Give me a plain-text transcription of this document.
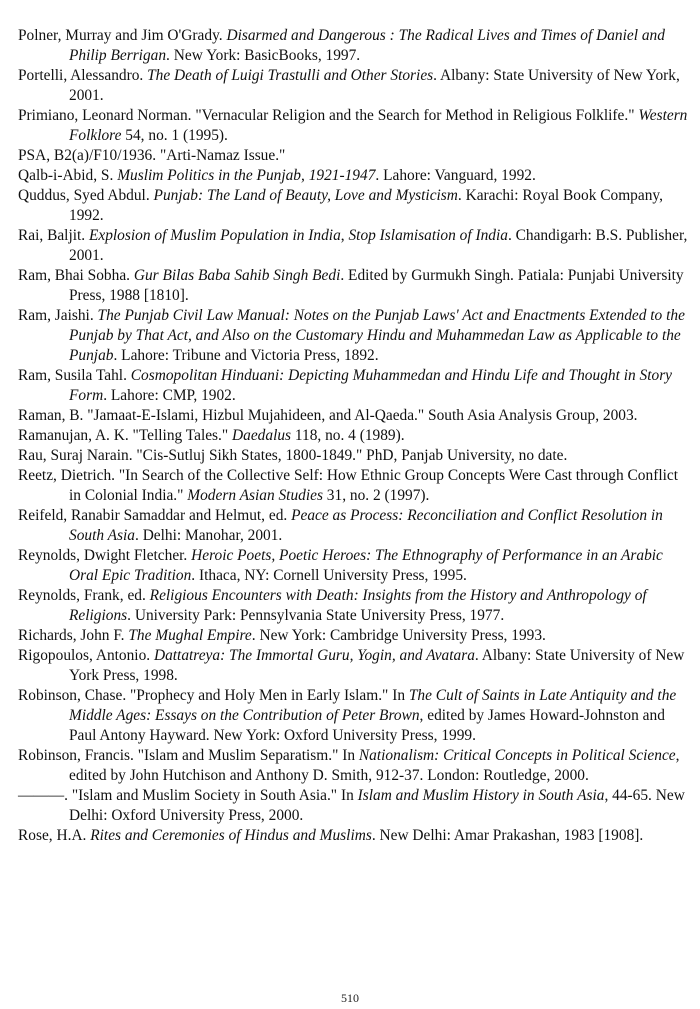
Polner, Murray and Jim O'Grady. Disarmed and Dangerous : The Radical Lives and Times of Daniel and Philip Berrigan. New York: BasicBooks, 1997.

Portelli, Alessandro. The Death of Luigi Trastulli and Other Stories. Albany: State University of New York, 2001.

Primiano, Leonard Norman. "Vernacular Religion and the Search for Method in Religious Folklife." Western Folklore 54, no. 1 (1995).

PSA, B2(a)/F10/1936. "Arti-Namaz Issue."

Qalb-i-Abid, S. Muslim Politics in the Punjab, 1921-1947. Lahore: Vanguard, 1992.

Quddus, Syed Abdul. Punjab: The Land of Beauty, Love and Mysticism. Karachi: Royal Book Company, 1992.

Rai, Baljit. Explosion of Muslim Population in India, Stop Islamisation of India. Chandigarh: B.S. Publisher, 2001.

Ram, Bhai Sobha. Gur Bilas Baba Sahib Singh Bedi. Edited by Gurmukh Singh. Patiala: Punjabi University Press, 1988 [1810].

Ram, Jaishi. The Punjab Civil Law Manual: Notes on the Punjab Laws' Act and Enactments Extended to the Punjab by That Act, and Also on the Customary Hindu and Muhammedan Law as Applicable to the Punjab. Lahore: Tribune and Victoria Press, 1892.

Ram, Susila Tahl. Cosmopolitan Hinduani: Depicting Muhammedan and Hindu Life and Thought in Story Form. Lahore: CMP, 1902.

Raman, B. "Jamaat-E-Islami, Hizbul Mujahideen, and Al-Qaeda." South Asia Analysis Group, 2003.

Ramanujan, A. K. "Telling Tales." Daedalus 118, no. 4 (1989).

Rau, Suraj Narain. "Cis-Sutluj Sikh States, 1800-1849." PhD, Panjab University, no date.

Reetz, Dietrich. "In Search of the Collective Self: How Ethnic Group Concepts Were Cast through Conflict in Colonial India." Modern Asian Studies 31, no. 2 (1997).

Reifeld, Ranabir Samaddar and Helmut, ed. Peace as Process: Reconciliation and Conflict Resolution in South Asia. Delhi: Manohar, 2001.

Reynolds, Dwight Fletcher. Heroic Poets, Poetic Heroes: The Ethnography of Performance in an Arabic Oral Epic Tradition. Ithaca, NY: Cornell University Press, 1995.

Reynolds, Frank, ed. Religious Encounters with Death: Insights from the History and Anthropology of Religions. University Park: Pennsylvania State University Press, 1977.

Richards, John F. The Mughal Empire. New York: Cambridge University Press, 1993.

Rigopoulos, Antonio. Dattatreya: The Immortal Guru, Yogin, and Avatara. Albany: State University of New York Press, 1998.

Robinson, Chase. "Prophecy and Holy Men in Early Islam." In The Cult of Saints in Late Antiquity and the Middle Ages: Essays on the Contribution of Peter Brown, edited by James Howard-Johnston and Paul Antony Hayward. New York: Oxford University Press, 1999.

Robinson, Francis. "Islam and Muslim Separatism." In Nationalism: Critical Concepts in Political Science, edited by John Hutchison and Anthony D. Smith, 912-37. London: Routledge, 2000.

———. "Islam and Muslim Society in South Asia." In Islam and Muslim History in South Asia, 44-65. New Delhi: Oxford University Press, 2000.

Rose, H.A. Rites and Ceremonies of Hindus and Muslims. New Delhi: Amar Prakashan, 1983 [1908].

510
